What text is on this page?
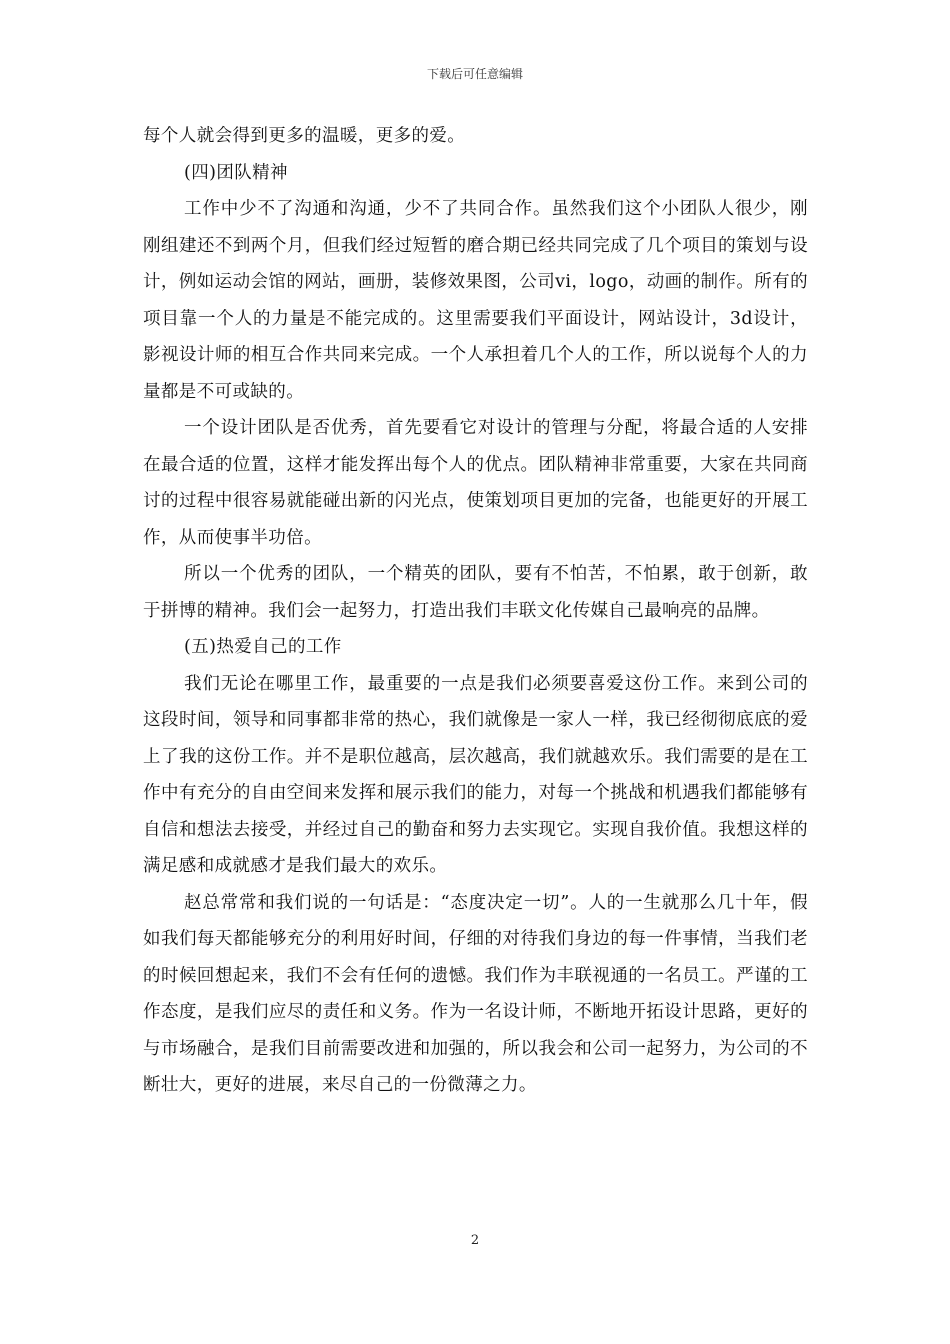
下载后可任意编辑

每个人就会得到更多的温暖，更多的爱。

(四)团队精神

工作中少不了沟通和沟通，少不了共同合作。虽然我们这个小团队人很少，刚刚组建还不到两个月，但我们经过短暂的磨合期已经共同完成了几个项目的策划与设计，例如运动会馆的网站，画册，装修效果图，公司vi，logo，动画的制作。所有的项目靠一个人的力量是不能完成的。这里需要我们平面设计，网站设计，3d设计，影视设计师的相互合作共同来完成。一个人承担着几个人的工作，所以说每个人的力量都是不可或缺的。

一个设计团队是否优秀，首先要看它对设计的管理与分配，将最合适的人安排在最合适的位置，这样才能发挥出每个人的优点。团队精神非常重要，大家在共同商讨的过程中很容易就能碰出新的闪光点，使策划项目更加的完备，也能更好的开展工作，从而使事半功倍。

所以一个优秀的团队，一个精英的团队，要有不怕苦，不怕累，敢于创新，敢于拼博的精神。我们会一起努力，打造出我们丰联文化传媒自己最响亮的品牌。

(五)热爱自己的工作

我们无论在哪里工作，最重要的一点是我们必须要喜爱这份工作。来到公司的这段时间，领导和同事都非常的热心，我们就像是一家人一样，我已经彻彻底底的爱上了我的这份工作。并不是职位越高，层次越高，我们就越欢乐。我们需要的是在工作中有充分的自由空间来发挥和展示我们的能力，对每一个挑战和机遇我们都能够有自信和想法去接受，并经过自己的勤奋和努力去实现它。实现自我价值。我想这样的满足感和成就感才是我们最大的欢乐。

赵总常常和我们说的一句话是：“态度决定一切”。人的一生就那么几十年，假如我们每天都能够充分的利用好时间，仔细的对待我们身边的每一件事情，当我们老的时候回想起来，我们不会有任何的遗憾。我们作为丰联视通的一名员工。严谨的工作态度，是我们应尽的责任和义务。作为一名设计师，不断地开拓设计思路，更好的与市场融合，是我们目前需要改进和加强的，所以我会和公司一起努力，为公司的不断壮大，更好的进展，来尽自己的一份微薄之力。

2
